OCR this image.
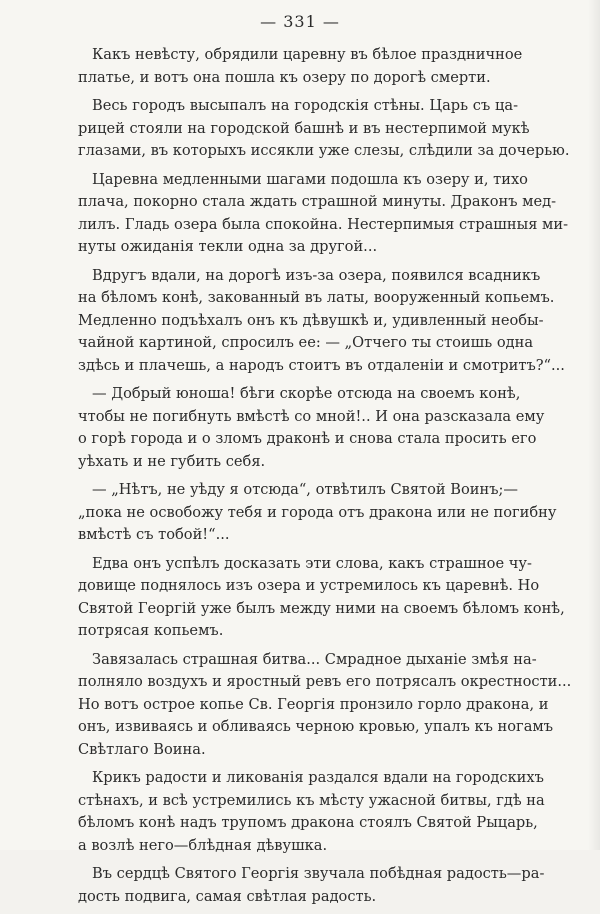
— 331 —
Какъ невѣсту, обрядили царевну въ бѣлое праздничное
платье, и вотъ она пошла къ озеру по дорогѣ смерти.
Весь городъ высыпалъ на городскія стѣны. Царь съ ца-
рицей стояли на городской башнѣ и въ нестерпимой мукѣ
глазами, въ которыхъ иссякли уже слезы, слѣдили за дочерью.
Царевна медленными шагами подошла къ озеру и, тихо
плача, покорно стала ждать страшной минуты. Драконъ мед-
лилъ. Гладь озера была спокойна. Нестерпимыя страшныя ми-
нуты ожиданія текли одна за другой...
Вдругъ вдали, на дорогѣ изъ-за озера, появился всадникъ
на бѣломъ конѣ, закованный въ латы, вооруженный копьемъ.
Медленно подъѣхалъ онъ къ дѣвушкѣ и, удивленный необы-
чайной картиной, спросилъ ее: — „Отчего ты стоишь одна
здѣсь и плачешь, а народъ стоитъ въ отдаленіи и смотритъ?“...
— Добрый юноша! бѣги скорѣе отсюда на своемъ конѣ,
чтобы не погибнуть вмѣстѣ со мной!.. И она разсказала ему
о горѣ города и о зломъ драконѣ и снова стала просить его
уѣхать и не губить себя.
— „Нѣтъ, не уѣду я отсюда“, отвѣтилъ Святой Воинъ;—
„пока не освобожу тебя и города отъ дракона или не погибну
вмѣстѣ съ тобой!“...
Едва онъ успѣлъ досказать эти слова, какъ страшное чу-
довище поднялось изъ озера и устремилось къ царевнѣ. Но
Святой Георгій уже былъ между ними на своемъ бѣломъ конѣ,
потрясая копьемъ.
Завязалась страшная битва... Смрадное дыханіе змѣя на-
полняло воздухъ и яростный ревъ его потрясалъ окрестности...
Но вотъ острое копье Св. Георгія пронзило горло дракона, и
онъ, извиваясь и обливаясь черною кровью, упалъ къ ногамъ
Свѣтлаго Воина.
Крикъ радости и ликованія раздался вдали на городскихъ
стѣнахъ, и всѣ устремились къ мѣсту ужасной битвы, гдѣ на
бѣломъ конѣ надъ трупомъ дракона стоялъ Святой Рыцарь,
а возлѣ него—блѣдная дѣвушка.
Въ сердцѣ Святого Георгія звучала побѣдная радость—ра-
дость подвига, самая свѣтлая радость.
